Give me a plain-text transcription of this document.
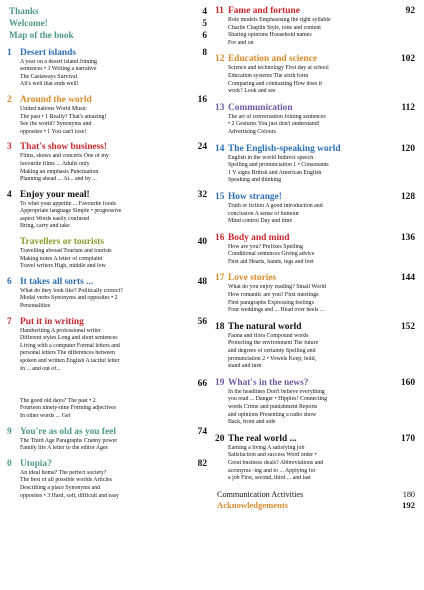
Thanks	4
Welcome!	5
Map of the book	6
1 Desert islands	8
A year on a desert island Joining
sentences • 1 Writing a narrative
The Castaways Survival
All's well that ends well!
2 Around the world	16
United nations World Music
The past • 1 Really? That's amazing!
See the world? Synonyms and
opposites • 1 You can't lose!
3 That's show business!	24
Films, shows and concerts One of my
favourite films ... Adults only
Making an emphasis Punctuation
Planning ahead ... At... and by ...
4 Enjoy your meal!	32
To whet your appetite ... Favourite foods
Appropriate language Simple • progressive
aspect Words easily confused
Bring, carry and take
Travellers or tourists	40
Travelling abroad Tourism and tourists
Making notes A letter of complaint
Travel writers High, middle and low
6 It takes all sorts ...	48
What do they look like? Politically correct?
Modal verbs Synonyms and opposites • 2
Personalities
7 Put it in writing	56
Handwriting A professional writer
Different styles Long and short sentences
Living with a computer Formal letters and
personal letters The differences between
spoken and written English A tactful letter
In ... and out of...
66

The good old days? The past • 2
Fourteen ninety-nine Forming adjectives
In other words ... Get
9 You're as old as you feel	74
The Third Age Paragraphs Cranny power
Family life A letter to the editor Ages
0 Utopia?	82
An ideal home? The perfect society?
The best of all possible worlds Articles
Describing a place Synonyms and
opposites • 3 Hard, soft, difficult and easy
11 Fame and fortune	92
Role models Emphasising the right syllable
Charlie Chaplin Style, tone and content
Sharing opinions Household names
For and on
12 Education and science	102
Science and technology First day at school
Education systems The sixth form
Comparing and contrasting How does it
work? Look and see
13 Communication	112
The art of conversation Joining sentences
• 2 Gestures You just don't understand!
Advertising Colours
14 The English-speaking world	120
English in the world Indirect speech
Spelling and pronunciation 1 • Consonants
1 V signs British and American English
Speaking and thinking
15 How strange!	128
Truth or fiction A good introduction and
conclusion A sense of humour
Mind control Day and time
16 Body and mind	136
How are you? Prefixes Spelling
Conditional sentences Giving advice
First aid Hearts, hands, legs and feet
17 Love stories	144
What do you enjoy reading? Small World
How romantic are you? First meetings
First paragraphs Expressing feelings
Four weddings and ... Head over heels ...
18 The natural world	152
Fauna and flora Compound words
Protecting the environment The future
and degrees of certainty Spelling and
pronunciation 2 • Vowels Keep, hold,
stand and turn
19 What's in the news?	160
In the headlines Don't believe everything
you read ... Danger • Hippies! Connecting
words Crime and punishment Reports
and opinions Presenting a radio show
Back, front and side
20 The real world ...	170
Earning a living A satisfying job
Satisfaction and success Word order •
Great business deals? Abbreviations and
acronyms -ing and to ... Applying for
a job First, second, third ... and last
Communication Activities	180
Acknowledgements	192
